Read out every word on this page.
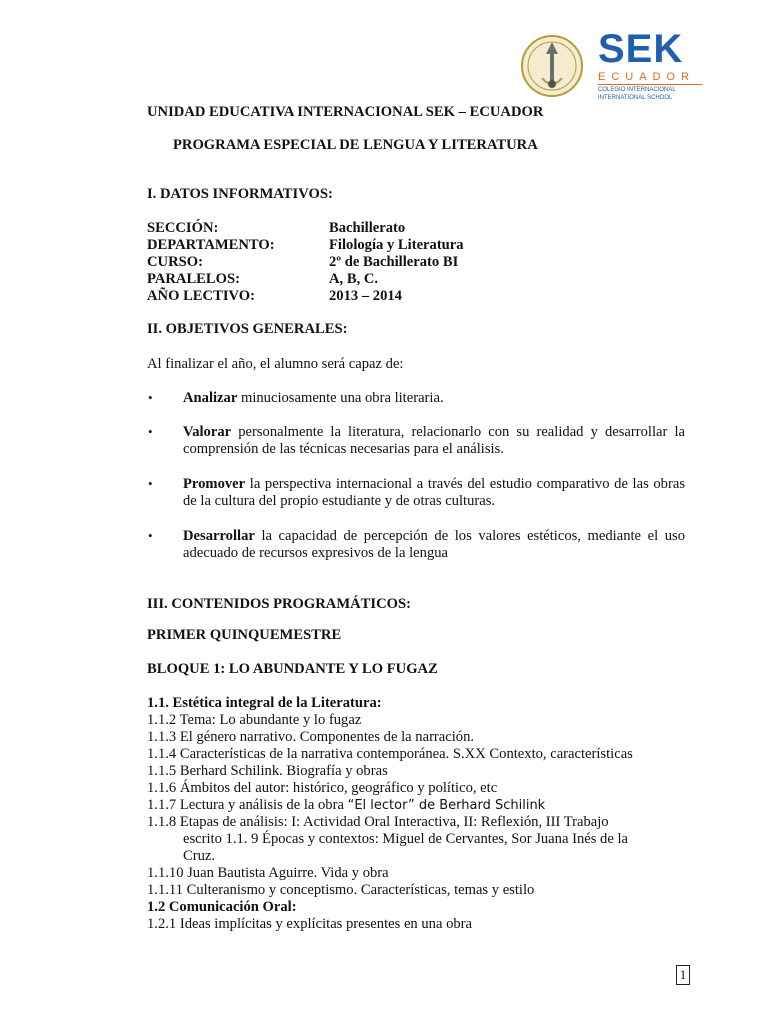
SEK
ECUADOR
COLEGIO INTERNACIONAL
INTERNATIONAL SCHOOL
UNIDAD EDUCATIVA INTERNACIONAL SEK – ECUADOR
PROGRAMA ESPECIAL DE LENGUA Y LITERATURA
I. DATOS INFORMATIVOS:
SECCIÓN:	Bachillerato
DEPARTAMENTO:	Filología y Literatura
CURSO:	2º de Bachillerato BI
PARALELOS:	A, B, C.
AÑO LECTIVO:	2013 – 2014
II. OBJETIVOS GENERALES:
Al finalizar el año, el alumno será capaz de:
• Analizar minuciosamente una obra literaria.
• Valorar personalmente la literatura, relacionarlo con su realidad y desarrollar la comprensión de las técnicas necesarias para el análisis.
• Promover la perspectiva internacional a través del estudio comparativo de las obras de la cultura del propio estudiante y de otras culturas.
• Desarrollar la capacidad de percepción de los valores estéticos, mediante el uso adecuado de recursos expresivos de la lengua
III. CONTENIDOS PROGRAMÁTICOS:
PRIMER QUINQUEMESTRE
BLOQUE 1: LO ABUNDANTE Y LO FUGAZ
1.1. Estética integral de la Literatura:
1.1.2 Tema: Lo abundante y lo fugaz
1.1.3 El género narrativo. Componentes de la narración.
1.1.4 Características de la narrativa contemporánea. S.XX Contexto, características
1.1.5 Berhard Schilink. Biografía y obras
1.1.6 Ámbitos del autor: histórico, geográfico y político, etc
1.1.7 Lectura y análisis de la obra “El lector” de Berhard Schilink
1.1.8 Etapas de análisis: I: Actividad Oral Interactiva, II: Reflexión, III Trabajo
escrito 1.1. 9 Épocas y contextos: Miguel de Cervantes, Sor Juana Inés de la
Cruz.
1.1.10 Juan Bautista Aguirre. Vida y obra
1.1.11 Culteranismo y conceptismo. Características, temas y estilo
1.2 Comunicación Oral:
1.2.1 Ideas implícitas y explícitas presentes en una obra
1
